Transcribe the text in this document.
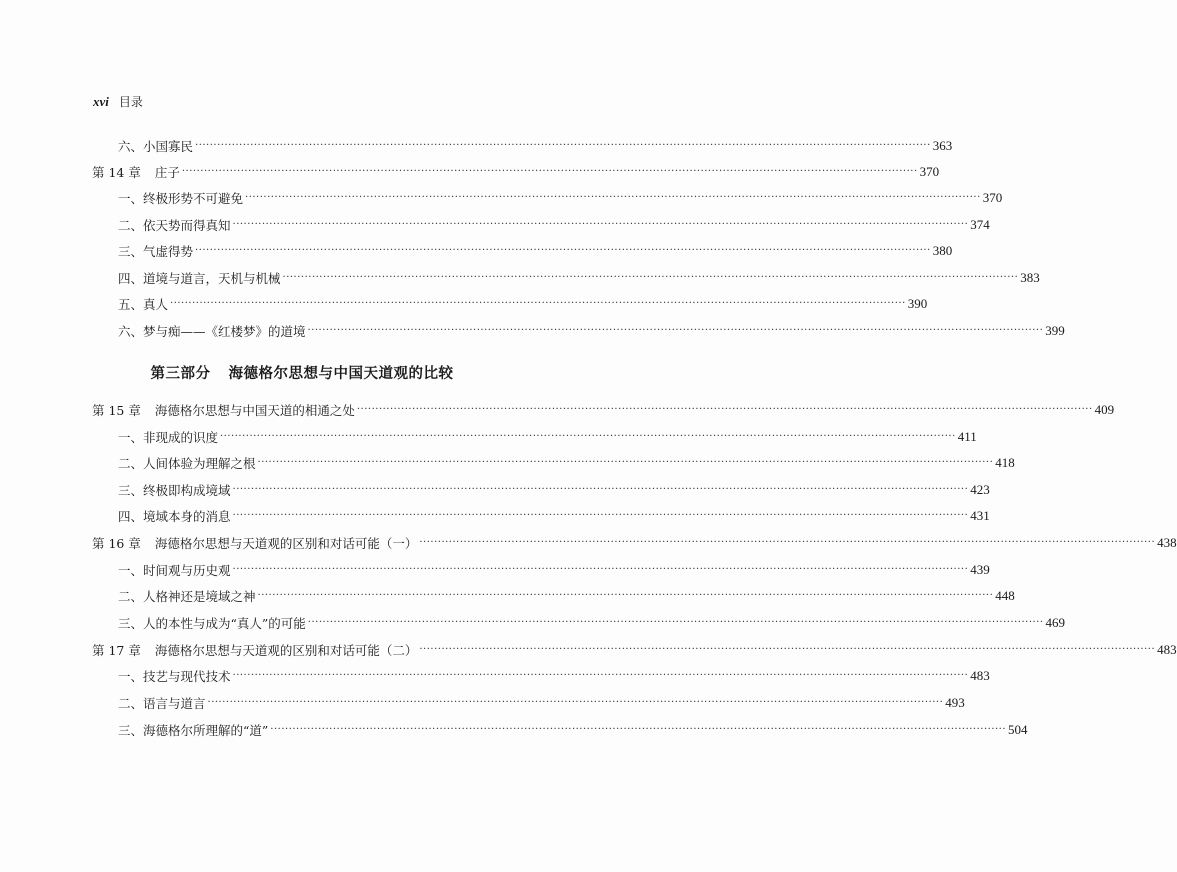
xvi 目录
六、小国寡民 ········································································································································································································ 363
第 14 章 庄子 ········································································································································································································ 370
一、终极形势不可避免 ········································································································································································································ 370
二、依天势而得真知 ········································································································································································································ 374
三、气虚得势 ········································································································································································································ 380
四、道境与道言，天机与机械 ········································································································································································································ 383
五、真人 ········································································································································································································ 390
六、梦与痴——《红楼梦》的道境 ········································································································································································································ 399
第 15 章 海德格尔思想与中国天道的相通之处 ········································································································································································································ 409
一、非现成的识度 ········································································································································································································ 411
二、人间体验为理解之根 ········································································································································································································ 418
三、终极即构成境域 ········································································································································································································ 423
四、境域本身的消息 ········································································································································································································ 431
第 16 章 海德格尔思想与天道观的区别和对话可能（一） ········································································································································································································ 438
一、时间观与历史观 ········································································································································································································ 439
二、人格神还是境域之神 ········································································································································································································ 448
三、人的本性与成为“真人”的可能 ········································································································································································································ 469
第 17 章 海德格尔思想与天道观的区别和对话可能（二） ········································································································································································································ 483
一、技艺与现代技术 ········································································································································································································ 483
二、语言与道言 ········································································································································································································ 493
三、海德格尔所理解的“道” ········································································································································································································ 504
第三部分 海德格尔思想与中国天道观的比较
